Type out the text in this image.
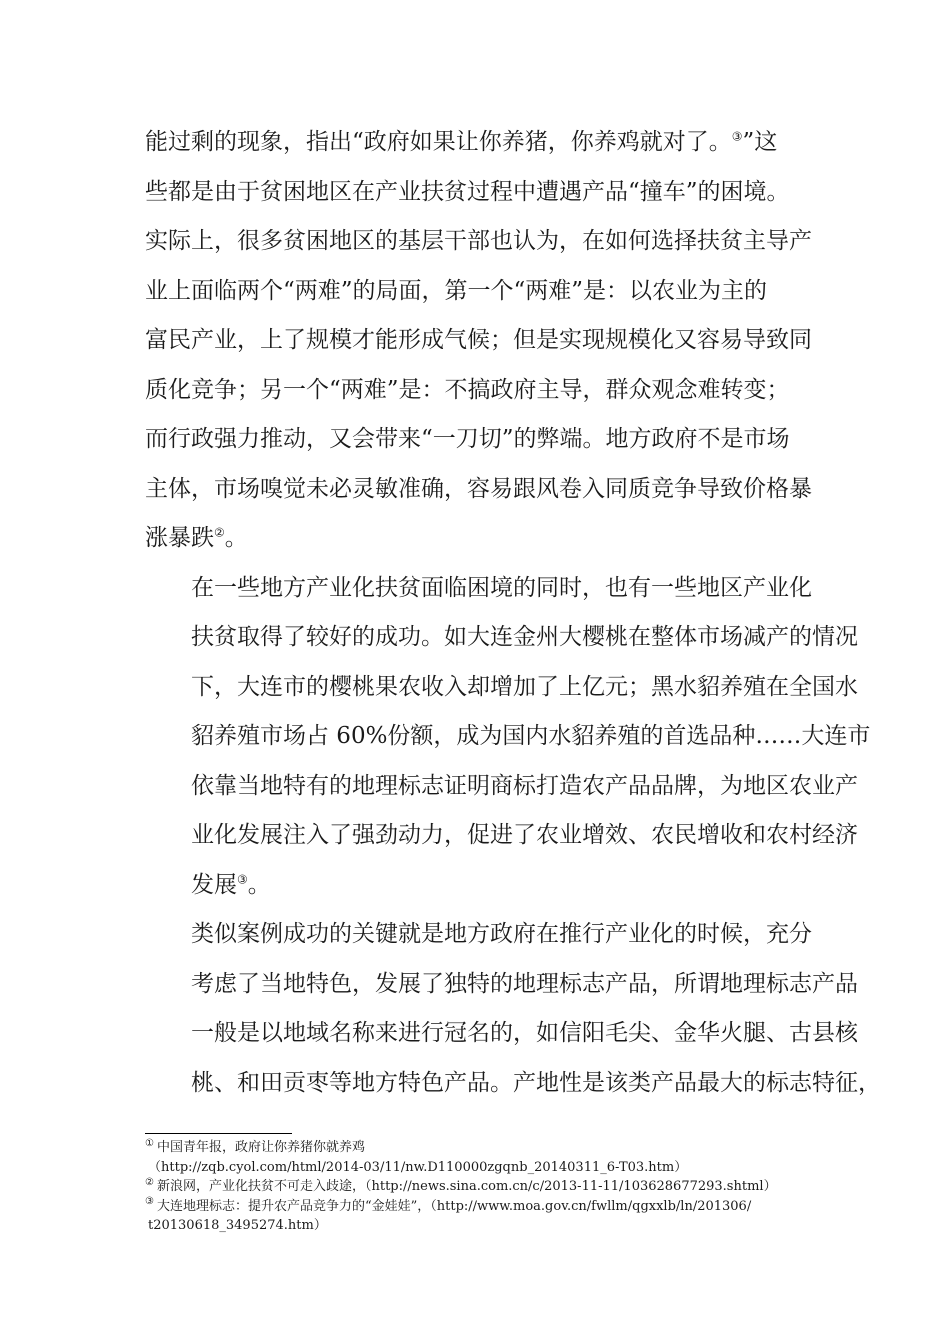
能过剩的现象，指出“政府如果让你养猪，你养鸡就对了。③”这
些都是由于贫困地区在产业扶贫过程中遭遇产品“撞车”的困境。
实际上，很多贫困地区的基层干部也认为，在如何选择扶贫主导产
业上面临两个“两难”的局面，第一个“两难”是：以农业为主的
富民产业，上了规模才能形成气候；但是实现规模化又容易导致同
质化竞争；另一个“两难”是：不搞政府主导，群众观念难转变；
而行政强力推动，又会带来“一刀切”的弊端。地方政府不是市场
主体，市场嗅觉未必灵敏准确，容易跟风卷入同质竞争导致价格暴
涨暴跌②。

在一些地方产业化扶贫面临困境的同时，也有一些地区产业化
扶贫取得了较好的成功。如大连金州大樱桃在整体市场减产的情况
下，大连市的樱桃果农收入却增加了上亿元；黑水貂养殖在全国水
貂养殖市场占 60%份额，成为国内水貂养殖的首选品种……大连市
依靠当地特有的地理标志证明商标打造农产品品牌，为地区农业产
业化发展注入了强劲动力，促进了农业增效、农民增收和农村经济
发展③。

类似案例成功的关键就是地方政府在推行产业化的时候，充分
考虑了当地特色，发展了独特的地理标志产品，所谓地理标志产品
一般是以地域名称来进行冠名的，如信阳毛尖、金华火腿、古县核
桃、和田贡枣等地方特色产品。产地性是该类产品最大的标志特征，

① 中国青年报，政府让你养猪你就养鸡
（http://zqb.cyol.com/html/2014-03/11/nw.D110000zgqnb_20140311_6-T03.htm）
② 新浪网，产业化扶贫不可走入歧途，（http://news.sina.com.cn/c/2013-11-11/103628677293.shtml）
③ 大连地理标志：提升农产品竞争力的“金娃娃”，（http://www.moa.gov.cn/fwllm/qgxxlb/ln/201306/
t20130618_3495274.htm）
